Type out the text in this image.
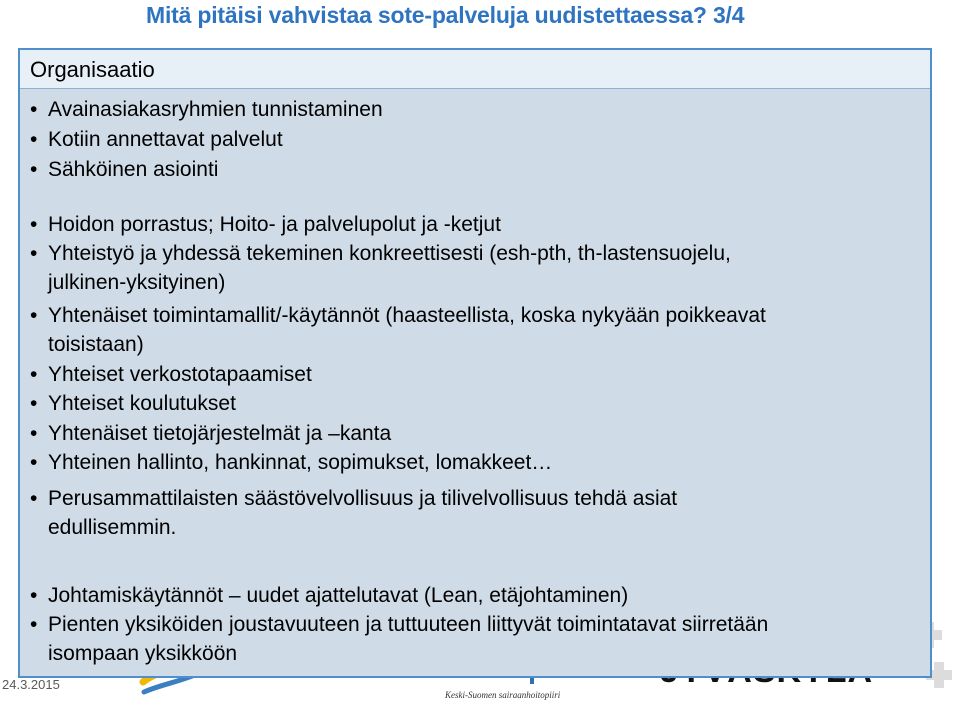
Mitä pitäisi vahvistaa sote-palveluja uudistettaessa? 3/4
Organisaatio
• Avainasiakasryhmien tunnistaminen
• Kotiin annettavat palvelut
• Sähköinen asiointi
• Hoidon porrastus; Hoito- ja palvelupolut ja -ketjut
• Yhteistyö ja yhdessä tekeminen konkreettisesti (esh-pth, th-lastensuojelu,
julkinen-yksityinen)
• Yhtenäiset toimintamallit/-käytännöt (haasteellista, koska nykyään poikkeavat
toisistaan)
• Yhteiset verkostotapaamiset
• Yhteiset koulutukset
• Yhtenäiset tietojärjestelmät ja –kanta
• Yhteinen hallinto, hankinnat, sopimukset, lomakkeet…
• Perusammattilaisten säästövelvollisuus ja tilivelvollisuus tehdä asiat
edullisemmin.
• Johtamiskäytännöt – uudet ajattelutavat (Lean, etäjohtaminen)
• Pienten yksiköiden joustavuuteen ja tuttuuteen liittyvät toimintatavat siirretään
isompaan yksikköön
Keski-Suomen sairaanhoitopiiri
24.3.2015
